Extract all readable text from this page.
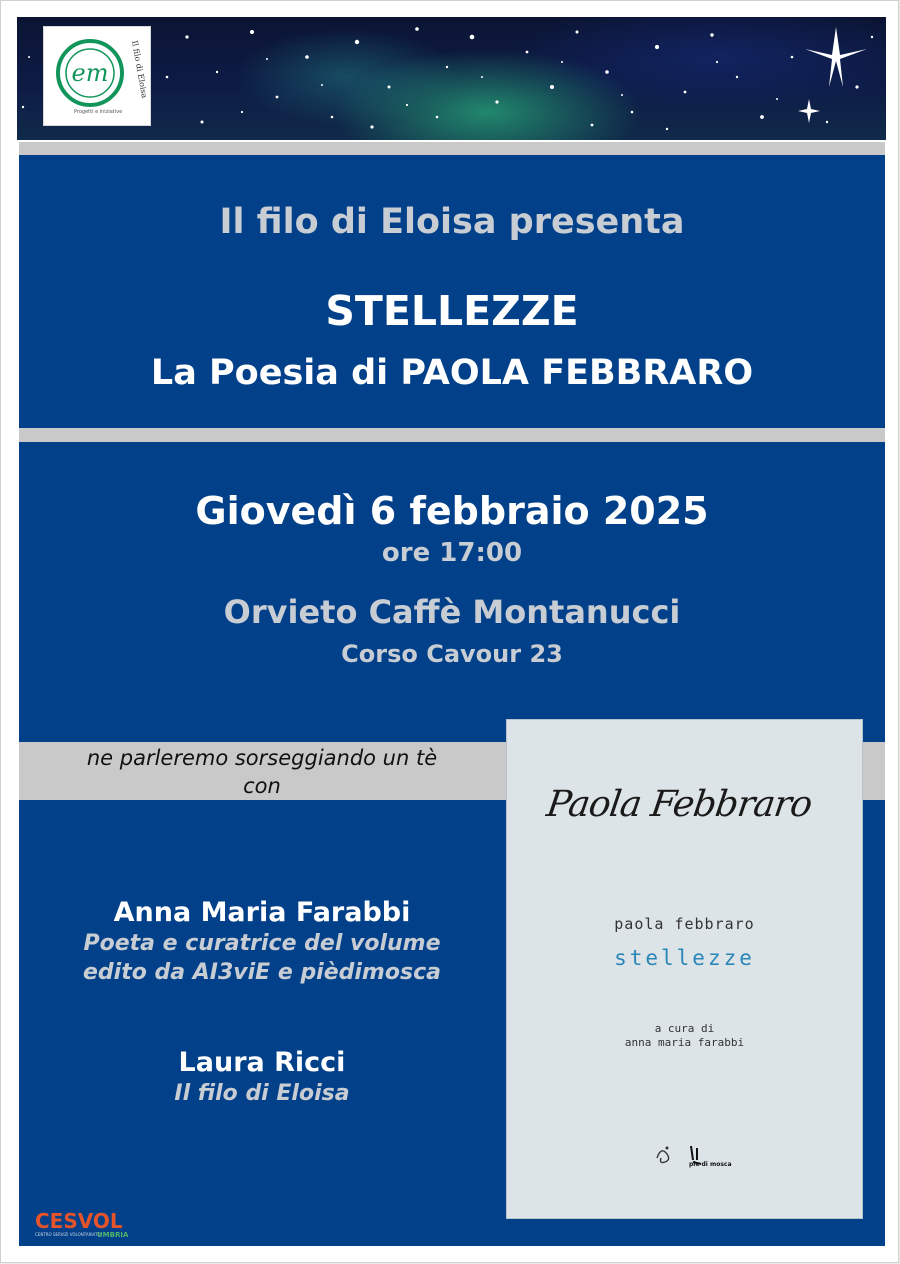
em	Il filo di Eloisa
Progetti e iniziative
Il filo di Eloisa presenta
STELLEZZE
La Poesia di PAOLA FEBBRARO
Giovedì 6 febbraio 2025
ore 17:00
Orvieto Caffè Montanucci
Corso Cavour 23
ne parleremo sorseggiando un tè
con
Anna Maria Farabbi
Poeta e curatrice del volume
edito da AI3viE e pièdimosca
Laura Ricci
Il filo di Eloisa
Paola Febbraro
paola febbraro
stellezze
a cura di
anna maria farabbi
pie di mosca
CESVOL
CENTRO SERVIZI VOLONTARIATO
UMBRIA
